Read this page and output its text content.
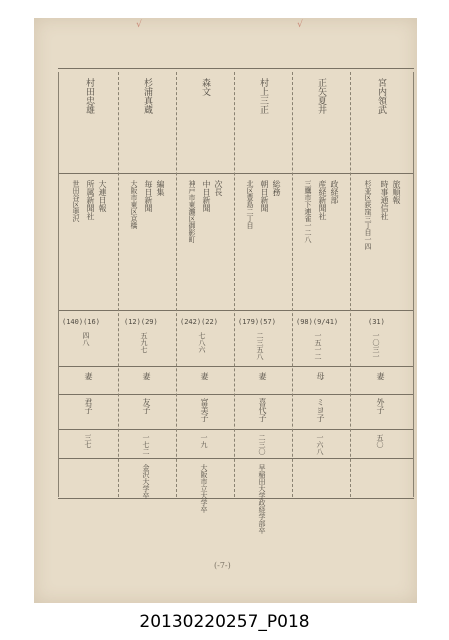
√	√
宮内領武
旅順報
時事通信社
杉並区荻窪三丁目一四
(31)
一〇三一
妻
外子
五〇
正矢夏井
政経部
産経新聞社
三鷹市下連雀一二八
(98)(9/41)
一五一二
母
ミヨ子
一六八
村上三正
総務
朝日新聞
北区豊島二丁目
(179)(57)
二三五八
妻
喜代子
二三〇
早稲田大学政経学部卒
森文
次長
中日新聞
神戸市東灘区御影町
(242)(22)
七八六
妻
富美子
一九
大阪市立大学卒
杉浦真蔵
編集
毎日新聞
大阪市東区京橋
(12)(29)
五九七
妻
友子
一七二
金沢大学卒
村田忠雄
大連日報
所属新聞社
世田谷区奥沢
(140)(16)
四八
妻
君子
三七
(-7-)
20130220257_P018
